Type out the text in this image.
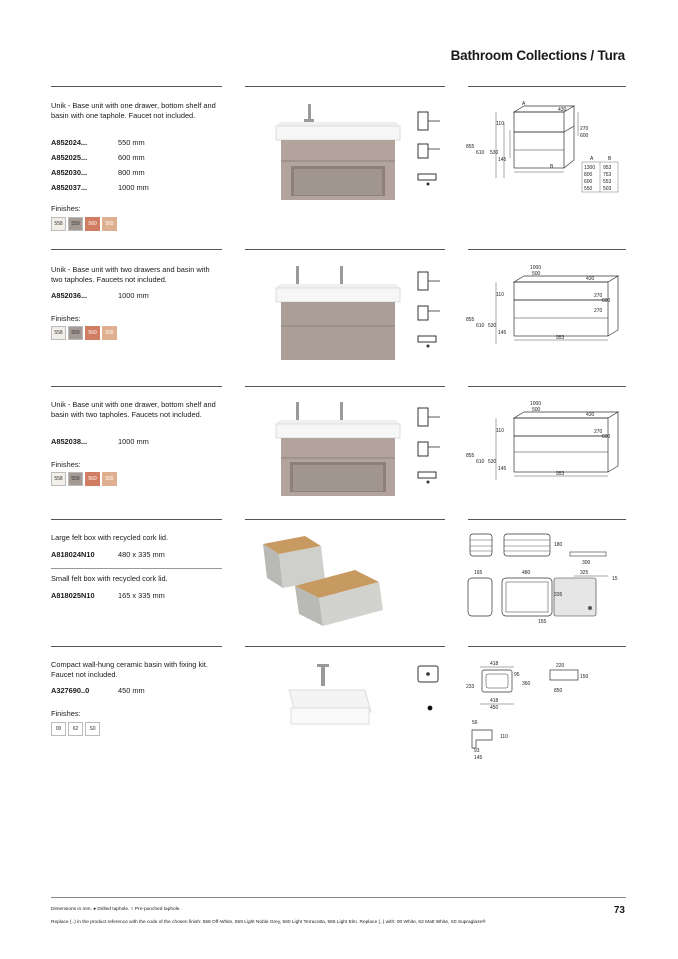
Bathroom Collections / Tura
Unik - Base unit with one drawer, bottom shelf and basin with one taphole. Faucet not included.
A852024...	550 mm
A852025...	600 mm
A852030...	800 mm
A852037...	1000 mm
Finishes:
558	559	560	565
A
430
110
270
600
855
610 530
145
B
A	B
1300 953
800 753
600 553
550 503
Unik - Base unit with two drawers and basin with two tapholes. Faucets not included.
A852036...	1000 mm
Finishes:
558	559	560	565
1000
500
430
110	270
600
270
855
610 530
145
953
Unik - Base unit with one drawer, bottom shelf and basin with two tapholes. Faucets not included.
A852038...	1000 mm
Finishes:
558	559	560	565
1000
500
430
110	270
600
855
610 530
145
953
Large felt box with recycled cork lid.
A818024N10	480 x 335 mm
Small felt box with recycled cork lid.
A818025N10	165 x 335 mm
180
300
165	480	325
15
335
155
Compact wall-hung ceramic basin with fixing kit. Faucet not included.
A327690..0	450 mm
Finishes:
00	62	S0
418
95
360
233
418
450
220
150
850
56
110
93
145
Dimensions in mm. ● Drilled taphole. ○ Pre-punched taphole.
Replace (..) in the product reference with the code of the chosen finish: 558 Off-White, 559 Light Noble Grey, 560 Light Terracotta, 565 Light Elm. Replace (..) with: 00 White, 62 Matt White, S0 Supraglaze®
73
